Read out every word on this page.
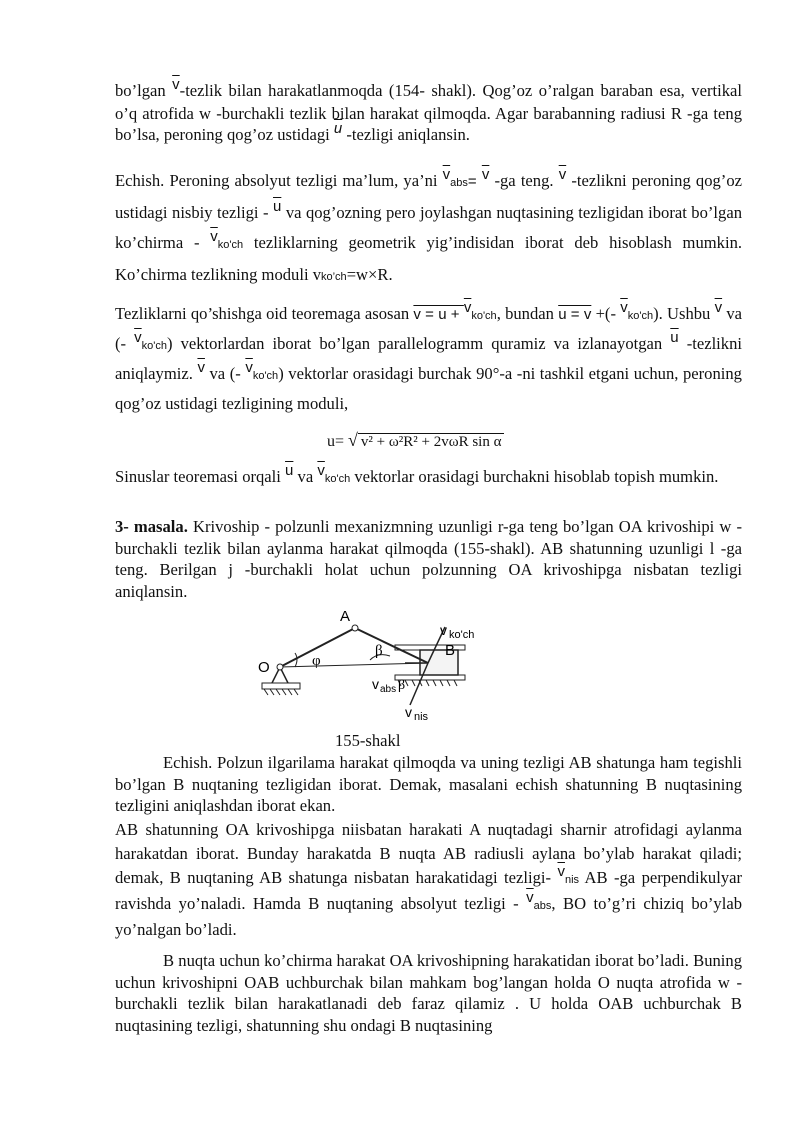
bo’lgan $\overline{v}$-tezlik bilan harakatlanmoqda (154- shakl). Qog’oz o’ralgan baraban esa, vertikal o’q atrofida w -burchakli tezlik bilan harakat qilmoqda. Agar barabanning radiusi R -ga teng bo’lsa, peroning qog’oz ustidagi $\overline{u}$ -tezligi aniqlansin.

Echish. Peroning absolyut tezligi ma’lum, ya’ni $\overline{v}abs= \overline{v}$ -ga teng. $\overline{v}$ -tezlikni peroning qog’oz ustidagi nisbiy tezligi - $\overline{u}$ va qog’ozning pero joylashgan nuqtasining tezligidan iborat bo’lgan ko’chirma - $\overline{v}ko'ch$ tezliklarning geometrik yig’indisidan iborat deb hisoblash mumkin. Ko’chirma tezlikning moduli vko’ch=w×R.

Tezliklarni qo’shishga oid teoremaga asosan $v = u + \overline{v}ko'ch$, bundan u = v +(- $\overline{v}ko'ch$). Ushbu $\overline{v}$ va (- $\overline{v}ko'ch$) vektorlardan iborat bo’lgan parallelogramm quramiz va izlanayotgan $\overline{u}$ -tezlikni aniqlaymiz. $\overline{v}$ va (- $\overline{v}ko'ch$) vektorlar orasidagi burchak 90°-a -ni tashkil etgani uchun, peroning qog’oz ustidagi tezligining moduli,

u= √ v² + ω²R² + 2vωR sin α

Sinuslar teoremasi orqali $\overline{u}$ va $\overline{v}ko'ch$ vektorlar orasidagi burchakni hisoblab topish mumkin.

3- masala. Krivoship - polzunli mexanizmning uzunligi r-ga teng bo’lgan OA krivoshipi w -burchakli tezlik bilan aylanma harakat qilmoqda (155-shakl). AB shatunning uzunligi l -ga teng. Berilgan j -burchakli holat uchun polzunning OA krivoshipga nisbatan tezligi aniqlansin.

A
B
O	φ
β
β
v ko'ch
v abs
v nis
155-shakl

Echish. Polzun ilgarilama harakat qilmoqda va uning tezligi AB shatunga ham tegishli bo’lgan B nuqtaning tezligidan iborat. Demak, masalani echish shatunning B nuqtasining tezligini aniqlashdan iborat ekan.

AB shatunning OA krivoshipga niisbatan harakati A nuqtadagi sharnir atrofidagi aylanma harakatdan iborat. Bunday harakatda B nuqta AB radiusli aylana bo’ylab harakat qiladi; demak, B nuqtaning AB shatunga nisbatan harakatidagi tezligi- $\overline{v}nis$ AB -ga perpendikulyar ravishda yo’naladi. Hamda B nuqtaning absolyut tezligi - $\overline{v}abs$, BO to’g’ri chiziq bo’ylab yo’nalgan bo’ladi.

B nuqta uchun ko’chirma harakat OA krivoshipning harakatidan iborat bo’ladi. Buning uchun krivoshipni OAB uchburchak bilan mahkam bog’langan holda O nuqta atrofida w - burchakli tezlik bilan harakatlanadi deb faraz qilamiz . U holda OAB uchburchak B nuqtasining tezligi, shatunning shu ondagi B nuqtasining
